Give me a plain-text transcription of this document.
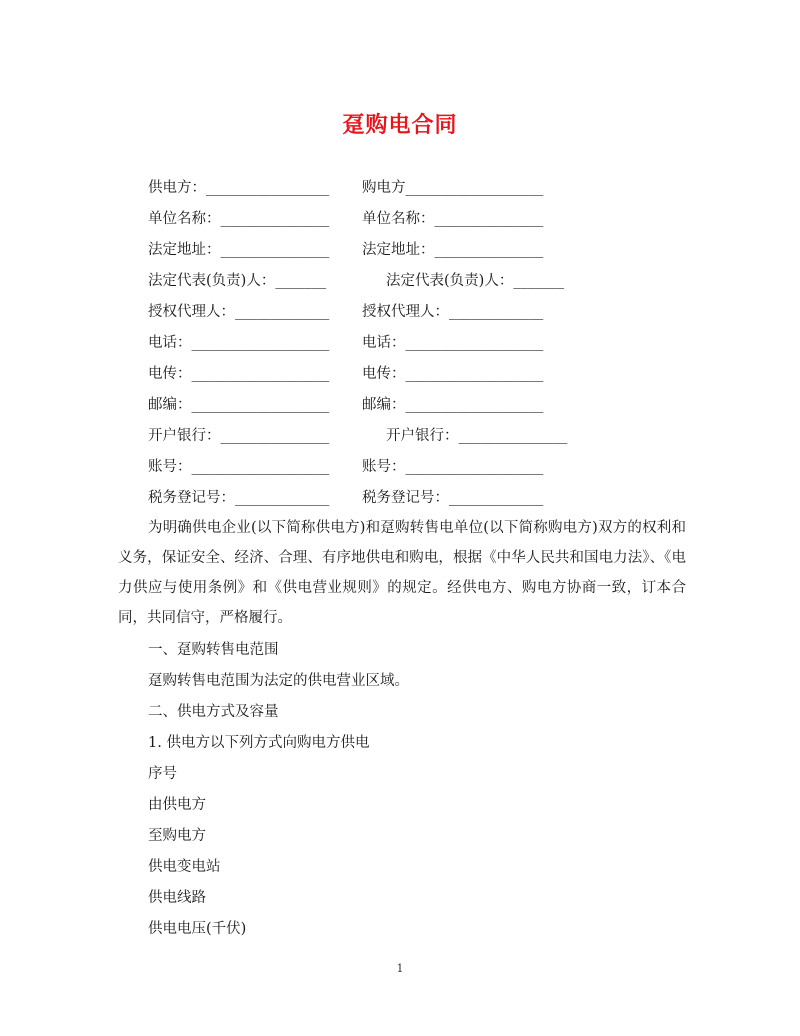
趸购电合同
供电方：_________________ 购电方___________________
单位名称：_______________ 单位名称：_______________
法定地址：_______________ 法定地址：_______________
法定代表(负责)人：_______	法定代表(负责)人：_______
授权代理人：_____________ 授权代理人：_____________
电话：___________________ 电话：___________________
电传：___________________ 电传：___________________
邮编：___________________ 邮编：___________________
开户银行：_______________	开户银行：_______________
账号：___________________ 账号：___________________
税务登记号：_____________ 税务登记号：_____________
为明确供电企业(以下简称供电方)和趸购转售电单位(以下简称购电方)双方的权利和义务，保证安全、经济、合理、有序地供电和购电，根据《中华人民共和国电力法》、《电力供应与使用条例》和《供电营业规则》的规定。经供电方、购电方协商一致，订本合同，共同信守，严格履行。
一、趸购转售电范围
趸购转售电范围为法定的供电营业区域。
二、供电方式及容量
1. 供电方以下列方式向购电方供电
序号
由供电方
至购电方
供电变电站
供电线路
供电电压(千伏)
1
